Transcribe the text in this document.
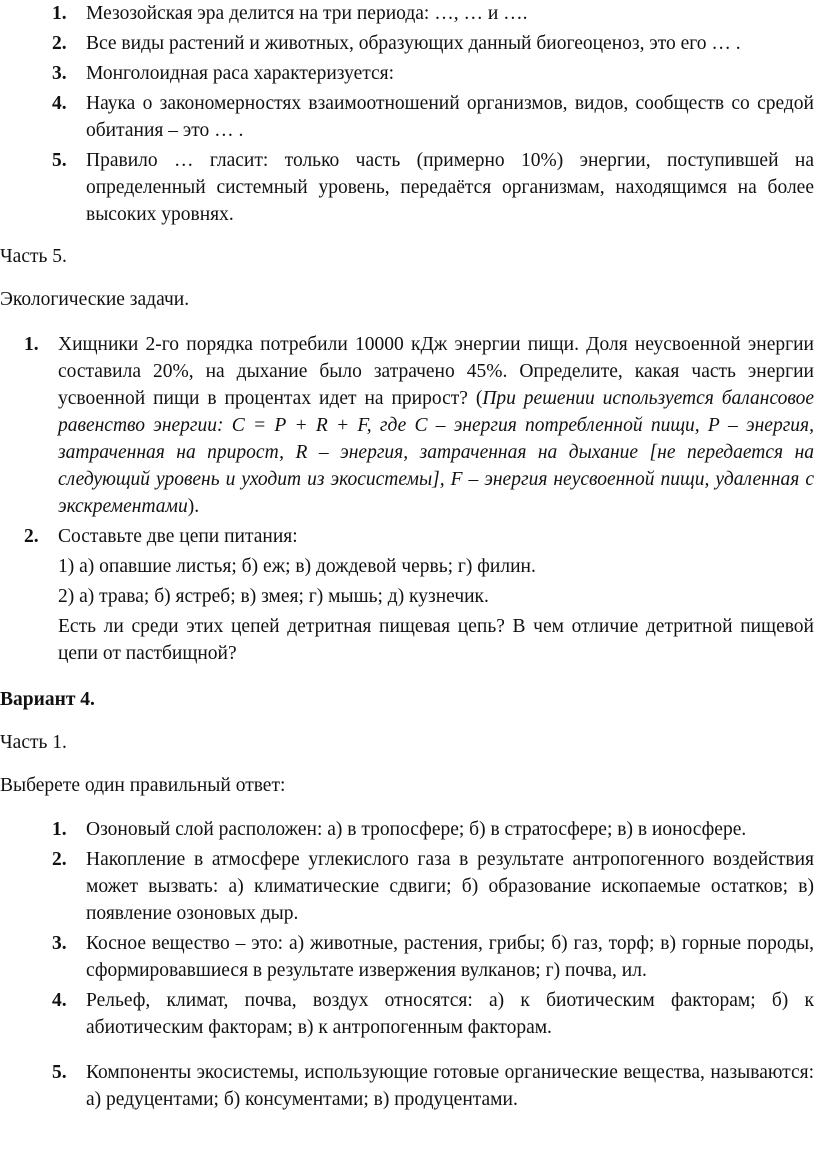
1. Мезозойская эра делится на три периода: …, … и ….
2. Все виды растений и животных, образующих данный биогеоценоз, это его … .
3. Монголоидная раса характеризуется:
4. Наука о закономерностях взаимоотношений организмов, видов, сообществ со средой обитания – это … .
5. Правило … гласит: только часть (примерно 10%) энергии, поступившей на определенный системный уровень, передаётся организмам, находящимся на более высоких уровнях.

Часть 5.

Экологические задачи.

1. Хищники 2-го порядка потребили 10000 кДж энергии пищи. Доля неусвоенной энергии составила 20%, на дыхание было затрачено 45%. Определите, какая часть энергии усвоенной пищи в процентах идет на прирост? (При решении используется балансовое равенство энергии: С = Р + R + F, где С – энергия потребленной пищи, Р – энергия, затраченная на прирост, R – энергия, затраченная на дыхание [не передается на следующий уровень и уходит из экосистемы], F – энергия неусвоенной пищи, удаленная с экскрементами).
2. Составьте две цепи питания:
1) а) опавшие листья; б) еж; в) дождевой червь; г) филин.
2) а) трава; б) ястреб; в) змея; г) мышь; д) кузнечик.
Есть ли среди этих цепей детритная пищевая цепь? В чем отличие детритной пищевой цепи от пастбищной?

Вариант 4.

Часть 1.

Выберете один правильный ответ:

1. Озоновый слой расположен: а) в тропосфере; б) в стратосфере; в) в ионосфере.
2. Накопление в атмосфере углекислого газа в результате антропогенного воздействия может вызвать: а) климатические сдвиги; б) образование ископаемые остатков; в) появление озоновых дыр.
3. Косное вещество – это: а) животные, растения, грибы; б) газ, торф; в) горные породы, сформировавшиеся в результате извержения вулканов; г) почва, ил.
4. Рельеф, климат, почва, воздух относятся: а) к биотическим факторам; б) к абиотическим факторам; в) к антропогенным факторам.
5. Компоненты экосистемы, использующие готовые органические вещества, называются: а) редуцентами; б) консументами; в) продуцентами.
